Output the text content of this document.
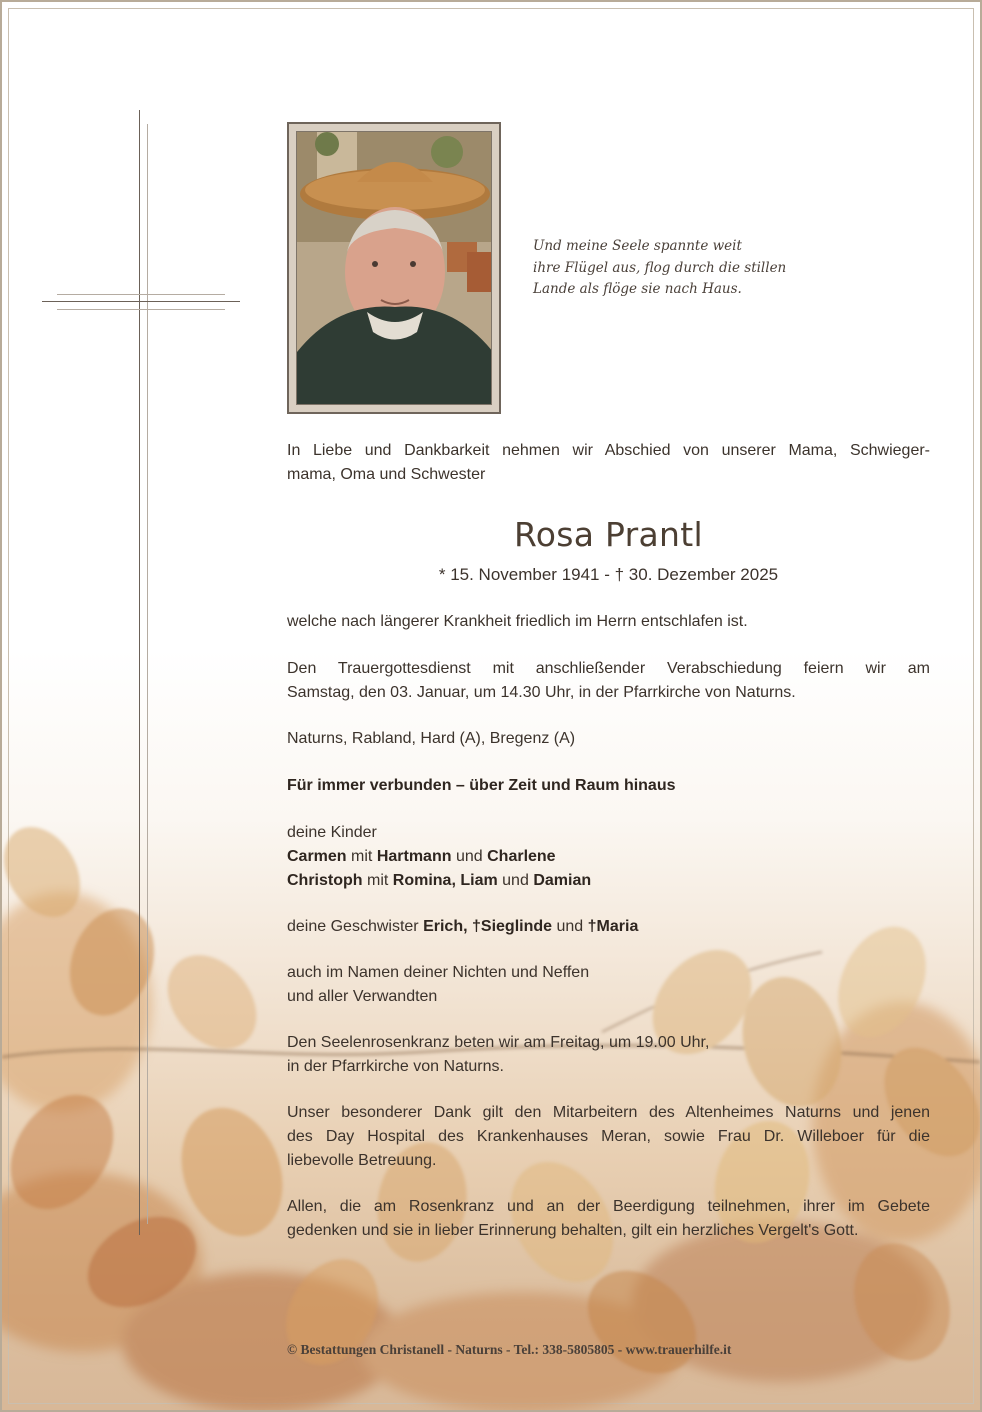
Und meine Seele spannte weit
ihre Flügel aus, flog durch die stillen
Lande als flöge sie nach Haus.

In Liebe und Dankbarkeit nehmen wir Abschied von unserer Mama, Schwieger-

mama, Oma und Schwester

Rosa Prantl
* 15. November 1941 - † 30. Dezember 2025

welche nach längerer Krankheit friedlich im Herrn entschlafen ist.

Den Trauergottesdienst mit anschließender Verabschiedung feiern wir am

Samstag, den 03. Januar, um 14.30 Uhr, in der Pfarrkirche von Naturns.

Naturns, Rabland, Hard (A), Bregenz (A)

Für immer verbunden – über Zeit und Raum hinaus

deine Kinder

Carmen mit Hartmann und Charlene

Christoph mit Romina, Liam und Damian

deine Geschwister Erich, †Sieglinde und †Maria

auch im Namen deiner Nichten und Neffen

und aller Verwandten

Den Seelenrosenkranz beten wir am Freitag, um 19.00 Uhr,

in der Pfarrkirche von Naturns.

Unser besonderer Dank gilt den Mitarbeitern des Altenheimes Naturns und jenen

des Day Hospital des Krankenhauses Meran, sowie Frau Dr. Willeboer für die

liebevolle Betreuung.

Allen, die am Rosenkranz und an der Beerdigung teilnehmen, ihrer im Gebete

gedenken und sie in lieber Erinnerung behalten, gilt ein herzliches Vergelt's Gott.

© Bestattungen Christanell - Naturns - Tel.: 338-5805805 - www.trauerhilfe.it
